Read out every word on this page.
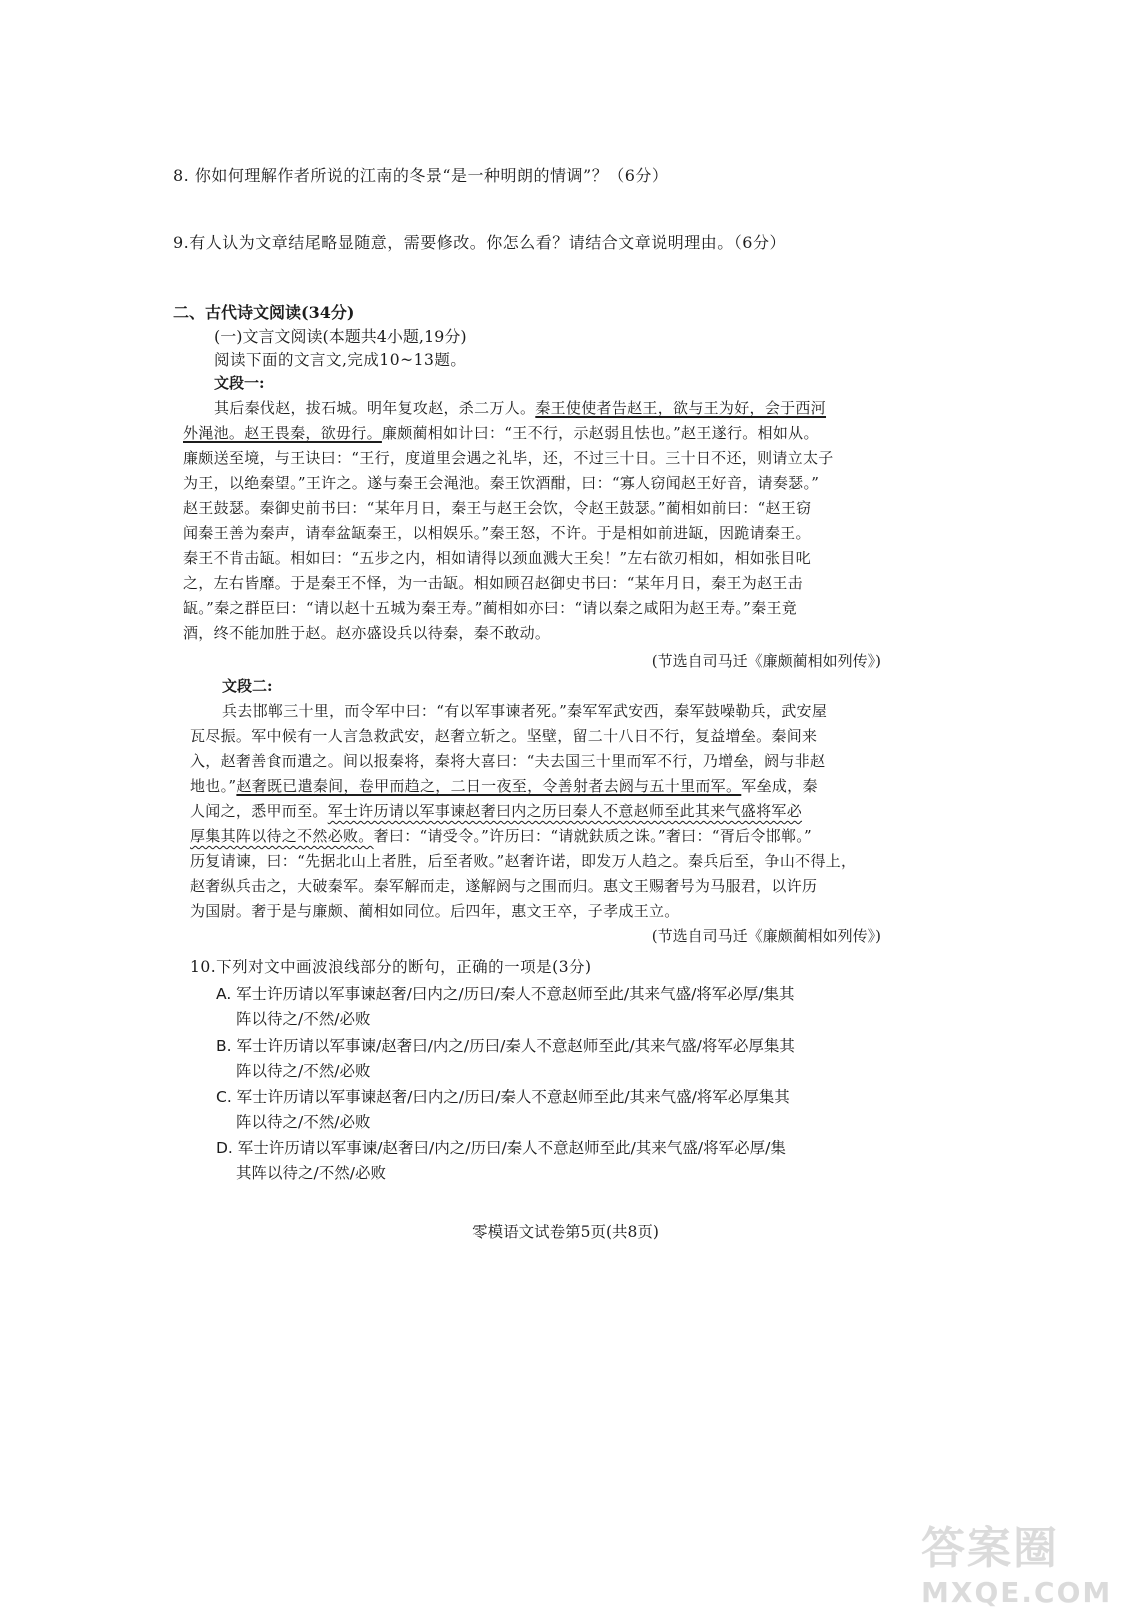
8. 你如何理解作者所说的江南的冬景“是一种明朗的情调”？（6分）
9.有人认为文章结尾略显随意，需要修改。你怎么看？请结合文章说明理由。（6分）
二、古代诗文阅读(34分)
(一)文言文阅读(本题共4小题,19分)
阅读下面的文言文,完成10~13题。
文段一:
其后秦伐赵，拔石城。明年复攻赵，杀二万人。秦王使使者告赵王，欲与王为好，会于西河
外渑池。赵王畏秦，欲毋行。廉颇蔺相如计曰：“王不行，示赵弱且怯也。”赵王遂行。相如从。
廉颇送至境，与王诀曰：“王行，度道里会遇之礼毕，还，不过三十日。三十日不还，则请立太子
为王，以绝秦望。”王许之。遂与秦王会渑池。秦王饮酒酣，曰：“寡人窃闻赵王好音，请奏瑟。”
赵王鼓瑟。秦御史前书曰：“某年月日，秦王与赵王会饮，令赵王鼓瑟。”蔺相如前曰：“赵王窃
闻秦王善为秦声，请奉盆缻秦王，以相娱乐。”秦王怒，不许。于是相如前进缻，因跪请秦王。
秦王不肯击缻。相如曰：“五步之内，相如请得以颈血溅大王矣！”左右欲刃相如，相如张目叱
之，左右皆靡。于是秦王不怿，为一击缻。相如顾召赵御史书曰：“某年月日，秦王为赵王击
缻。”秦之群臣曰：“请以赵十五城为秦王寿。”蔺相如亦曰：“请以秦之咸阳为赵王寿。”秦王竟
酒，终不能加胜于赵。赵亦盛设兵以待秦，秦不敢动。
(节选自司马迁《廉颇蔺相如列传》)
文段二:
兵去邯郸三十里，而令军中曰：“有以军事谏者死。”秦军军武安西，秦军鼓噪勒兵，武安屋
瓦尽振。军中候有一人言急救武安，赵奢立斩之。坚壁，留二十八日不行，复益增垒。秦间来
入，赵奢善食而遣之。间以报秦将，秦将大喜曰：“夫去国三十里而军不行，乃增垒，阏与非赵
地也。”赵奢既已遣秦间，卷甲而趋之，二日一夜至，令善射者去阏与五十里而军。军垒成，秦
人闻之，悉甲而至。军士许历请以军事谏赵奢曰内之历曰秦人不意赵师至此其来气盛将军必
厚集其阵以待之不然必败。奢曰：“请受令。”许历曰：“请就鈇质之诛。”奢曰：“胥后令邯郸。”
历复请谏，曰：“先据北山上者胜，后至者败。”赵奢许诺，即发万人趋之。秦兵后至，争山不得上，
赵奢纵兵击之，大破秦军。秦军解而走，遂解阏与之围而归。惠文王赐奢号为马服君，以许历
为国尉。奢于是与廉颇、蔺相如同位。后四年，惠文王卒，子孝成王立。
(节选自司马迁《廉颇蔺相如列传》)
10.下列对文中画波浪线部分的断句，正确的一项是(3分)
A. 军士许历请以军事谏赵奢/曰内之/历曰/秦人不意赵师至此/其来气盛/将军必厚/集其
阵以待之/不然/必败
B. 军士许历请以军事谏/赵奢曰/内之/历曰/秦人不意赵师至此/其来气盛/将军必厚集其
阵以待之/不然/必败
C. 军士许历请以军事谏赵奢/曰内之/历曰/秦人不意赵师至此/其来气盛/将军必厚集其
阵以待之/不然/必败
D. 军士许历请以军事谏/赵奢曰/内之/历曰/秦人不意赵师至此/其来气盛/将军必厚/集
其阵以待之/不然/必败
零模语文试卷第5页(共8页)
答案圈
MXQE.COM
